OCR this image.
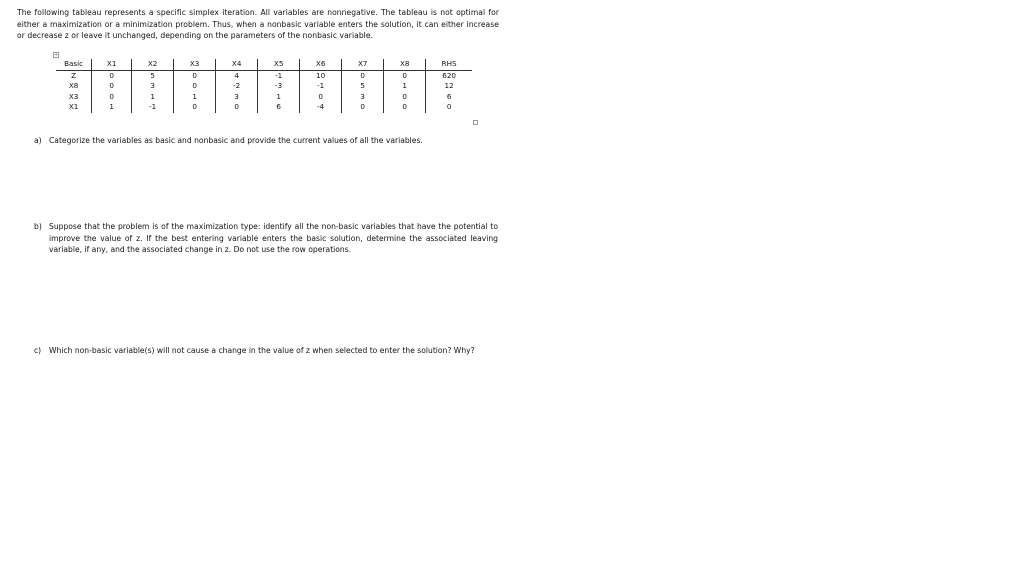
The following tableau represents a specific simplex iteration. All variables are nonnegative. The tableau is not optimal for either a maximization or a minimization problem. Thus, when a nonbasic variable enters the solution, it can either increase or decrease z or leave it unchanged, depending on the parameters of the nonbasic variable.
+
Basic	X1	X2	X3	X4	X5	X6	X7	X8	RHS
Z	0	5	0	4	-1	10	0	0	620
X8	0	3	0	-2	-3	-1	5	1	12
X3	0	1	1	3	1	0	3	0	6
X1	1	-1	0	0	6	-4	0	0	0
a) Categorize the variables as basic and nonbasic and provide the current values of all the variables.
b) Suppose that the problem is of the maximization type: identify all the non-basic variables that have the potential to improve the value of z. If the best entering variable enters the basic solution, determine the associated leaving variable, if any, and the associated change in z. Do not use the row operations.
c) Which non-basic variable(s) will not cause a change in the value of z when selected to enter the solution? Why?
